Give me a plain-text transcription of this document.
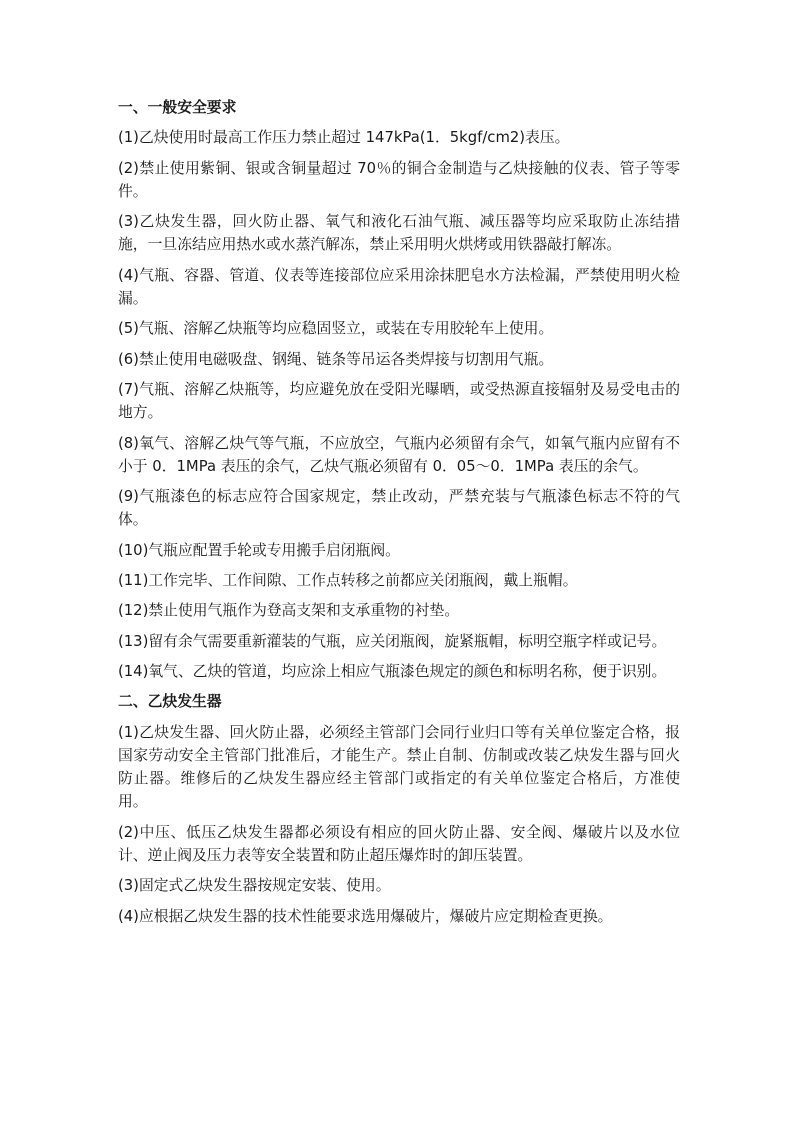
一、一般安全要求
(1)乙炔使用时最高工作压力禁止超过 147kPa(1．5kgf/cm2)表压。
(2)禁止使用紫铜、银或含铜量超过 70％的铜合金制造与乙炔接触的仪表、管子等零件。
(3)乙炔发生器，回火防止器、氧气和液化石油气瓶、减压器等均应采取防止冻结措施，一旦冻结应用热水或水蒸汽解冻，禁止采用明火烘烤或用铁器敲打解冻。
(4)气瓶、容器、管道、仪表等连接部位应采用涂抹肥皂水方法检漏，严禁使用明火检漏。
(5)气瓶、溶解乙炔瓶等均应稳固竖立，或装在专用胶轮车上使用。
(6)禁止使用电磁吸盘、钢绳、链条等吊运各类焊接与切割用气瓶。
(7)气瓶、溶解乙炔瓶等，均应避免放在受阳光曝晒，或受热源直接辐射及易受电击的地方。
(8)氧气、溶解乙炔气等气瓶，不应放空，气瓶内必须留有余气，如氧气瓶内应留有不小于 0．1MPa 表压的余气，乙炔气瓶必须留有 0．05～0．1MPa 表压的余气。
(9)气瓶漆色的标志应符合国家规定，禁止改动，严禁充装与气瓶漆色标志不符的气体。
(10)气瓶应配置手轮或专用搬手启闭瓶阀。
(11)工作完毕、工作间隙、工作点转移之前都应关闭瓶阀，戴上瓶帽。
(12)禁止使用气瓶作为登高支架和支承重物的衬垫。
(13)留有余气需要重新灌装的气瓶，应关闭瓶阀，旋紧瓶帽，标明空瓶字样或记号。
(14)氧气、乙炔的管道，均应涂上相应气瓶漆色规定的颜色和标明名称，便于识别。
二、乙炔发生器
(1)乙炔发生器、回火防止器，必须经主管部门会同行业归口等有关单位鉴定合格，报国家劳动安全主管部门批准后，才能生产。禁止自制、仿制或改装乙炔发生器与回火防止器。维修后的乙炔发生器应经主管部门或指定的有关单位鉴定合格后，方准使用。
(2)中压、低压乙炔发生器都必须设有相应的回火防止器、安全阀、爆破片以及水位计、逆止阀及压力表等安全装置和防止超压爆炸时的卸压装置。
(3)固定式乙炔发生器按规定安装、使用。
(4)应根据乙炔发生器的技术性能要求选用爆破片，爆破片应定期检查更换。
